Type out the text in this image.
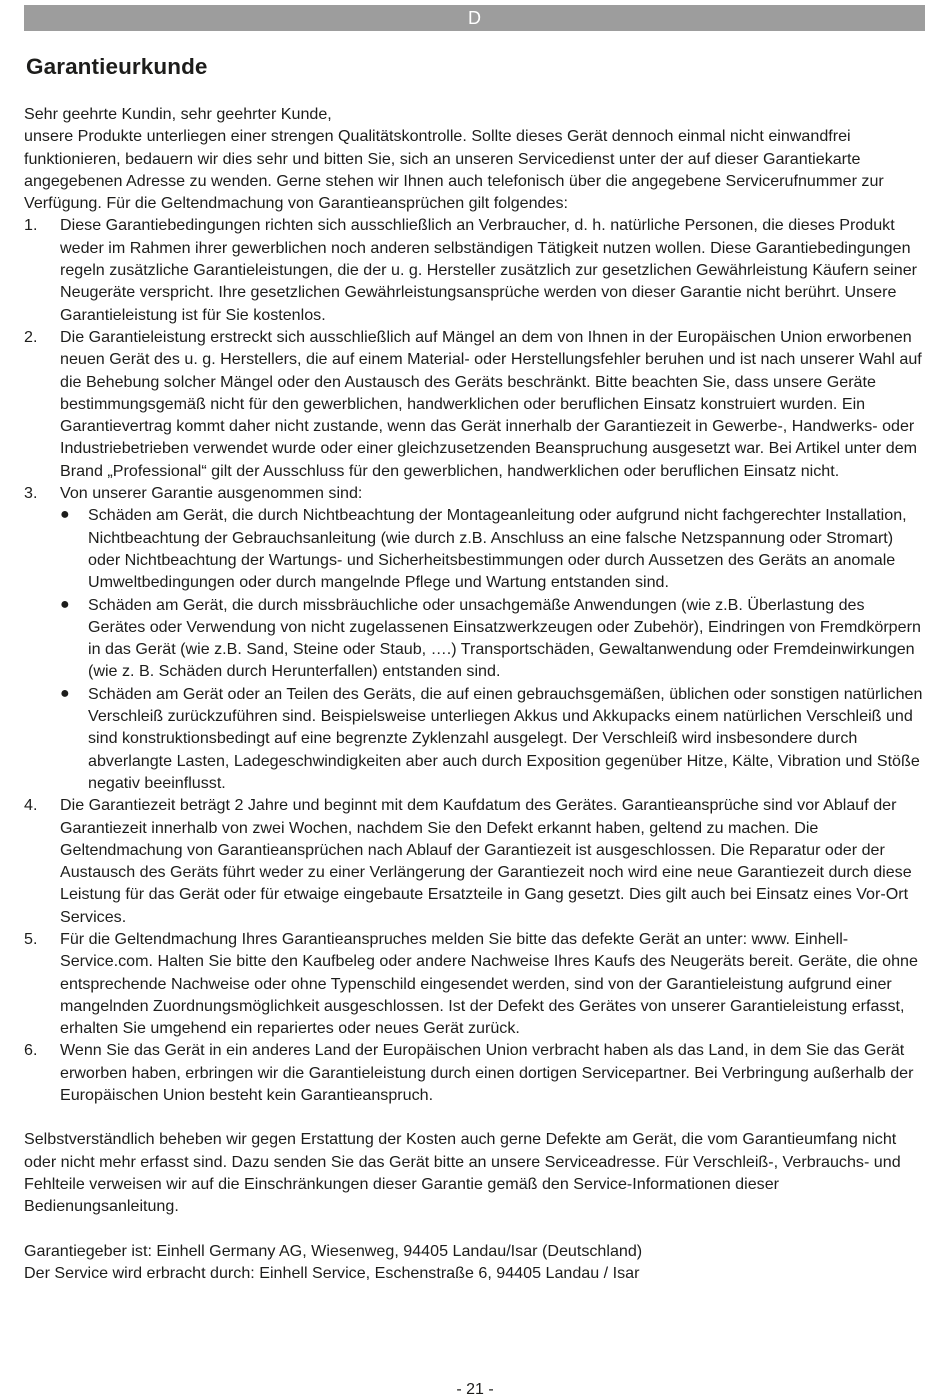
D
Garantieurkunde

Sehr geehrte Kundin, sehr geehrter Kunde,

unsere Produkte unterliegen einer strengen Qualitätskontrolle. Sollte dieses Gerät dennoch einmal nicht einwandfrei funktionieren, bedauern wir dies sehr und bitten Sie, sich an unseren Servicedienst unter der auf dieser Garantiekarte angegebenen Adresse zu wenden. Gerne stehen wir Ihnen auch telefonisch über die angegebene Servicerufnummer zur Verfügung. Für die Geltendmachung von Garantieansprüchen gilt folgendes:

1. Diese Garantiebedingungen richten sich ausschließlich an Verbraucher, d. h. natürliche Personen, die dieses Produkt weder im Rahmen ihrer gewerblichen noch anderen selbständigen Tätigkeit nutzen wollen. Diese Garantiebedingungen regeln zusätzliche Garantieleistungen, die der u. g. Hersteller zusätzlich zur gesetzlichen Gewährleistung Käufern seiner Neugeräte verspricht. Ihre gesetzlichen Gewährleistungsansprüche werden von dieser Garantie nicht berührt. Unsere Garantieleistung ist für Sie kostenlos.
2. Die Garantieleistung erstreckt sich ausschließlich auf Mängel an dem von Ihnen in der Europäischen Union erworbenen neuen Gerät des u. g. Herstellers, die auf einem Material- oder Herstellungsfehler beruhen und ist nach unserer Wahl auf die Behebung solcher Mängel oder den Austausch des Geräts beschränkt. Bitte beachten Sie, dass unsere Geräte bestimmungsgemäß nicht für den gewerblichen, handwerklichen oder beruflichen Einsatz konstruiert wurden. Ein Garantievertrag kommt daher nicht zustande, wenn das Gerät innerhalb der Garantiezeit in Gewerbe-, Handwerks- oder Industriebetrieben verwendet wurde oder einer gleichzusetzenden Beanspruchung ausgesetzt war. Bei Artikel unter dem Brand „Professional“ gilt der Ausschluss für den gewerblichen, handwerklichen oder beruflichen Einsatz nicht.
3. Von unserer Garantie ausgenommen sind:
● Schäden am Gerät, die durch Nichtbeachtung der Montageanleitung oder aufgrund nicht fachgerechter Installation, Nichtbeachtung der Gebrauchsanleitung (wie durch z.B. Anschluss an eine falsche Netzspannung oder Stromart) oder Nichtbeachtung der Wartungs- und Sicherheitsbestimmungen oder durch Aussetzen des Geräts an anomale Umweltbedingungen oder durch mangelnde Pflege und Wartung entstanden sind.
● Schäden am Gerät, die durch missbräuchliche oder unsachgemäße Anwendungen (wie z.B. Überlastung des Gerätes oder Verwendung von nicht zugelassenen Einsatzwerkzeugen oder Zubehör), Eindringen von Fremdkörpern in das Gerät (wie z.B. Sand, Steine oder Staub, ….) Transportschäden, Gewaltanwendung oder Fremdeinwirkungen (wie z. B. Schäden durch Herunterfallen) entstanden sind.
● Schäden am Gerät oder an Teilen des Geräts, die auf einen gebrauchsgemäßen, üblichen oder sonstigen natürlichen Verschleiß zurückzuführen sind. Beispielsweise unterliegen Akkus und Akkupacks einem natürlichen Verschleiß und sind konstruktionsbedingt auf eine begrenzte Zyklenzahl ausgelegt. Der Verschleiß wird insbesondere durch abverlangte Lasten, Ladegeschwindigkeiten aber auch durch Exposition gegenüber Hitze, Kälte, Vibration und Stöße negativ beeinflusst.
4. Die Garantiezeit beträgt 2 Jahre und beginnt mit dem Kaufdatum des Gerätes. Garantieansprüche sind vor Ablauf der Garantiezeit innerhalb von zwei Wochen, nachdem Sie den Defekt erkannt haben, geltend zu machen. Die Geltendmachung von Garantieansprüchen nach Ablauf der Garantiezeit ist ausgeschlossen. Die Reparatur oder der Austausch des Geräts führt weder zu einer Verlängerung der Garantiezeit noch wird eine neue Garantiezeit durch diese Leistung für das Gerät oder für etwaige eingebaute Ersatzteile in Gang gesetzt. Dies gilt auch bei Einsatz eines Vor-Ort Services.
5. Für die Geltendmachung Ihres Garantieanspruches melden Sie bitte das defekte Gerät an unter: www. Einhell-Service.com. Halten Sie bitte den Kaufbeleg oder andere Nachweise Ihres Kaufs des Neugeräts bereit. Geräte, die ohne entsprechende Nachweise oder ohne Typenschild eingesendet werden, sind von der Garantieleistung aufgrund einer mangelnden Zuordnungsmöglichkeit ausgeschlossen. Ist der Defekt des Gerätes von unserer Garantieleistung erfasst, erhalten Sie umgehend ein repariertes oder neues Gerät zurück.
6. Wenn Sie das Gerät in ein anderes Land der Europäischen Union verbracht haben als das Land, in dem Sie das Gerät erworben haben, erbringen wir die Garantieleistung durch einen dortigen Servicepartner. Bei Verbringung außerhalb der Europäischen Union besteht kein Garantieanspruch.

Selbstverständlich beheben wir gegen Erstattung der Kosten auch gerne Defekte am Gerät, die vom Garantieumfang nicht oder nicht mehr erfasst sind. Dazu senden Sie das Gerät bitte an unsere Serviceadresse. Für Verschleiß-, Verbrauchs- und Fehlteile verweisen wir auf die Einschränkungen dieser Garantie gemäß den Service-Informationen dieser Bedienungsanleitung.

Garantiegeber ist: Einhell Germany AG, Wiesenweg, 94405 Landau/Isar (Deutschland)

Der Service wird erbracht durch: Einhell Service, Eschenstraße 6, 94405 Landau / Isar

- 21 -
